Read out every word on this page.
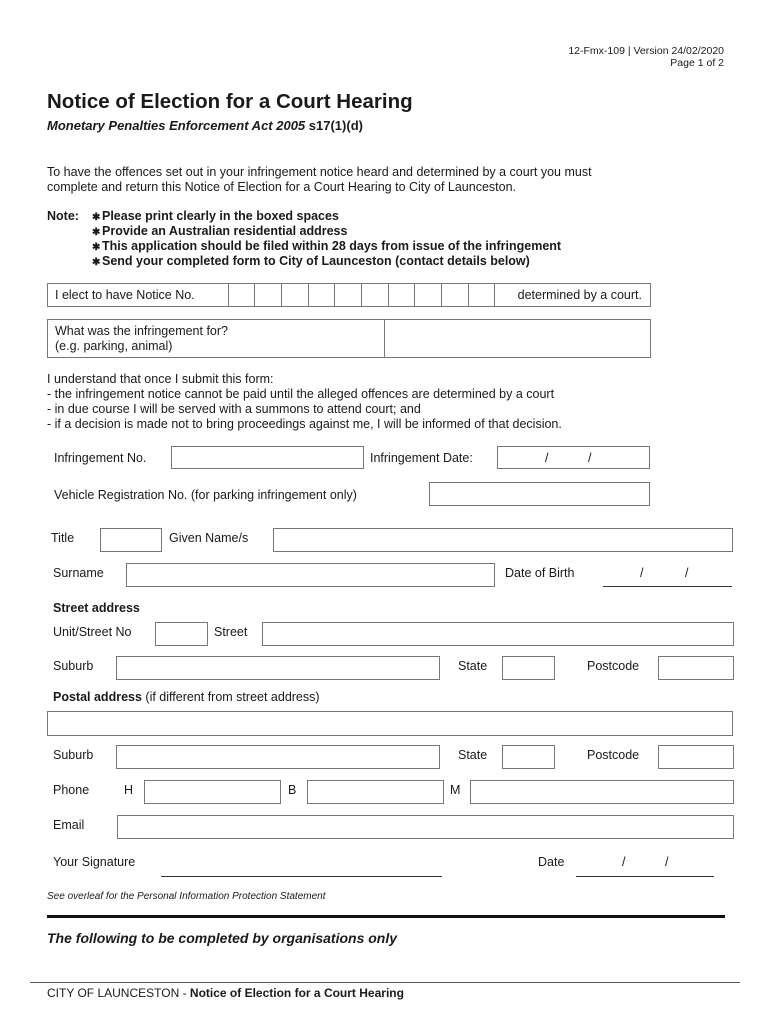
12-Fmx-109 | Version 24/02/2020
Page 1 of 2
Notice of Election for a Court Hearing
Monetary Penalties Enforcement Act 2005 s17(1)(d)
To have the offences set out in your infringement notice heard and determined by a court you must
complete and return this Notice of Election for a Court Hearing to City of Launceston.
Note: ✱ Please print clearly in the boxed spaces
✱ Provide an Australian residential address
✱ This application should be filed within 28 days from issue of the infringement
✱ Send your completed form to City of Launceston (contact details below)
I elect to have Notice No.	determined by a court.
What was the infringement for?
(e.g. parking, animal)
I understand that once I submit this form:
- the infringement notice cannot be paid until the alleged offences are determined by a court
- in due course I will be served with a summons to attend court; and
- if a decision is made not to bring proceedings against me, I will be informed of that decision.
Infringement No.	Infringement Date:	/	/
Vehicle Registration No. (for parking infringement only)
Title	Given Name/s
Surname	Date of Birth	/	/
Street address
Unit/Street No	Street
Suburb	State	Postcode
Postal address (if different from street address)
Suburb	State	Postcode
Phone	H	B	M
Email
Your Signature	Date	/	/
See overleaf for the Personal Information Protection Statement
The following to be completed by organisations only
CITY OF LAUNCESTON - Notice of Election for a Court Hearing
